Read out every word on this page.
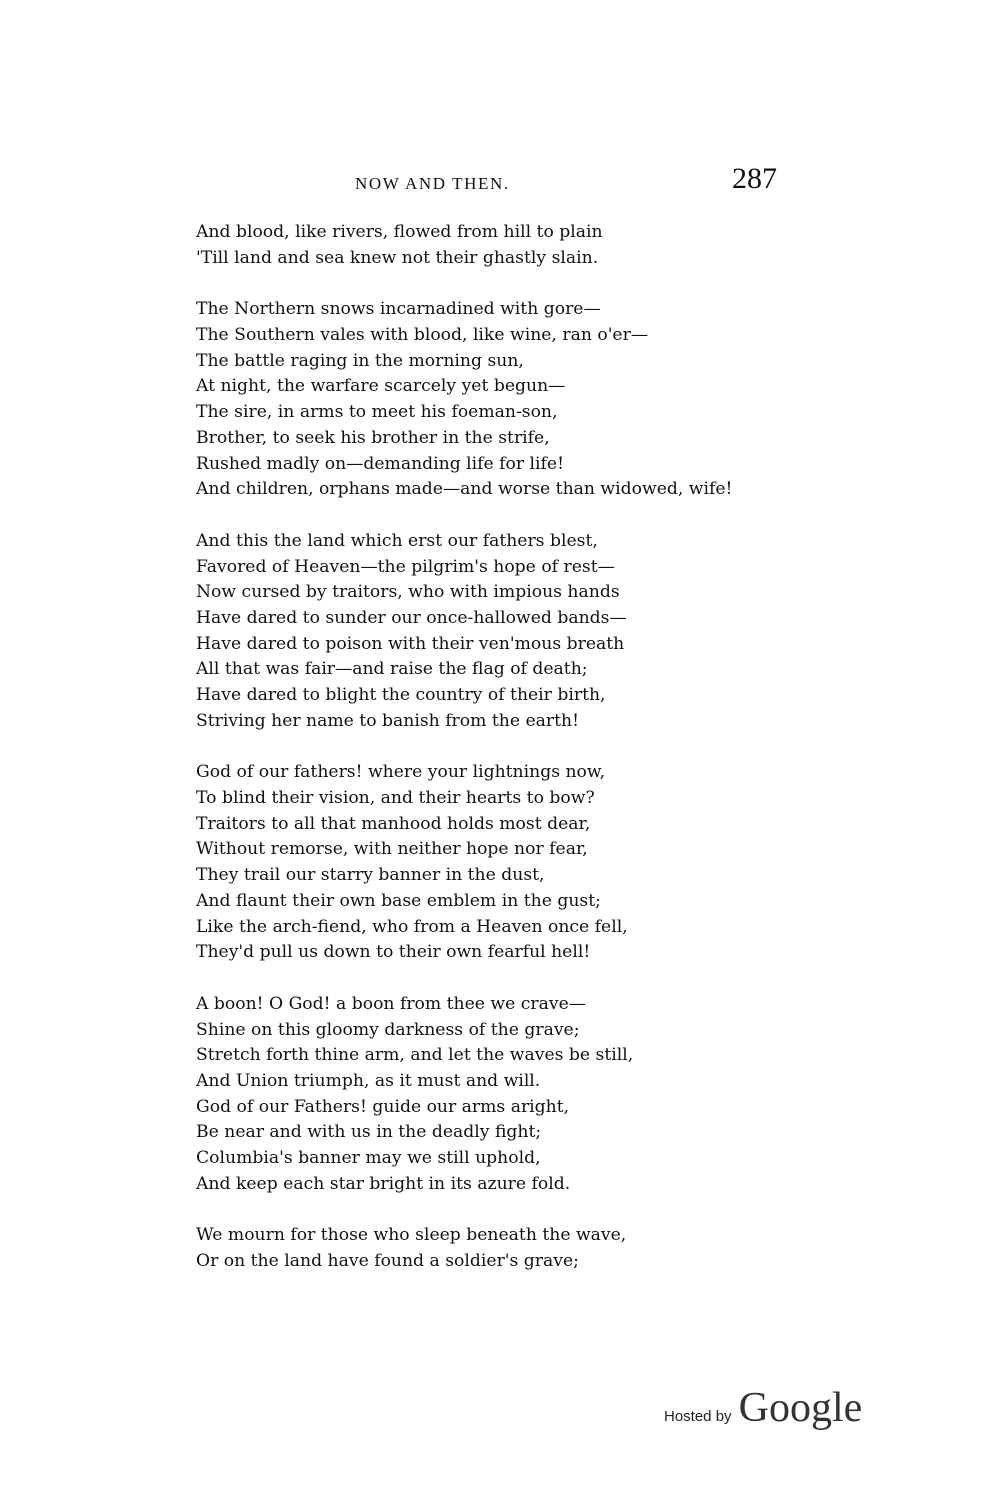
NOW AND THEN.	287
And blood, like rivers, flowed from hill to plain
'Till land and sea knew not their ghastly slain.
The Northern snows incarnadined with gore—
The Southern vales with blood, like wine, ran o'er—
The battle raging in the morning sun,
At night, the warfare scarcely yet begun—
The sire, in arms to meet his foeman-son,
Brother, to seek his brother in the strife,
Rushed madly on—demanding life for life!
And children, orphans made—and worse than widowed, wife!
And this the land which erst our fathers blest,
Favored of Heaven—the pilgrim's hope of rest—
Now cursed by traitors, who with impious hands
Have dared to sunder our once-hallowed bands—
Have dared to poison with their ven'mous breath
All that was fair—and raise the flag of death;
Have dared to blight the country of their birth,
Striving her name to banish from the earth!
God of our fathers! where your lightnings now,
To blind their vision, and their hearts to bow?
Traitors to all that manhood holds most dear,
Without remorse, with neither hope nor fear,
They trail our starry banner in the dust,
And flaunt their own base emblem in the gust;
Like the arch-fiend, who from a Heaven once fell,
They'd pull us down to their own fearful hell!
A boon! O God! a boon from thee we crave—
Shine on this gloomy darkness of the grave;
Stretch forth thine arm, and let the waves be still,
And Union triumph, as it must and will.
God of our Fathers! guide our arms aright,
Be near and with us in the deadly fight;
Columbia's banner may we still uphold,
And keep each star bright in its azure fold.
We mourn for those who sleep beneath the wave,
Or on the land have found a soldier's grave;
Hosted by Google
